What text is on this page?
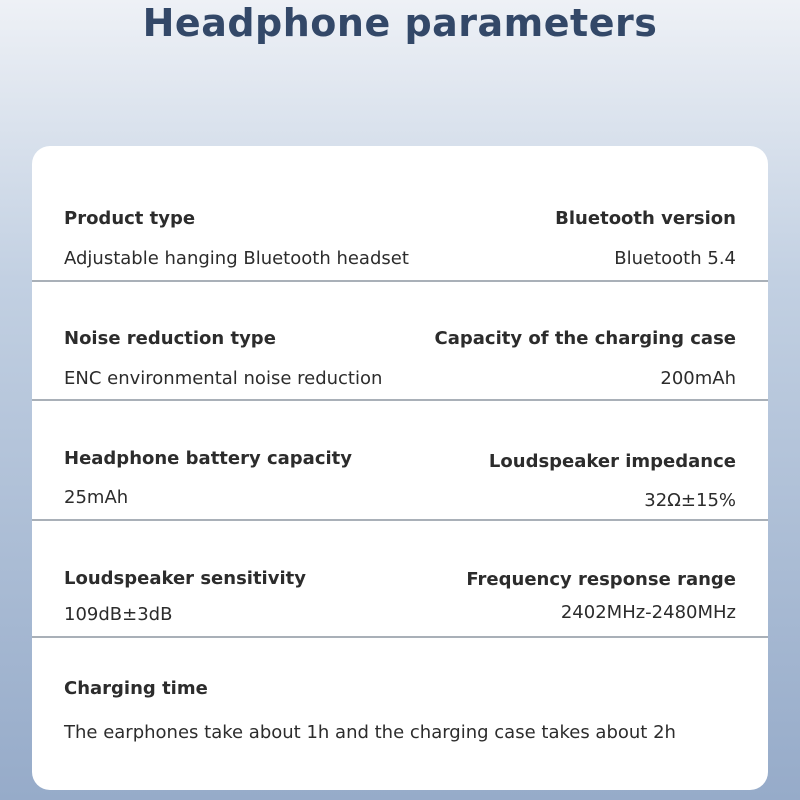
Headphone parameters
Product type
Adjustable hanging Bluetooth headset
Bluetooth version
Bluetooth 5.4
Noise reduction type
ENC environmental noise reduction
Capacity of the charging case
200mAh
Headphone battery capacity
25mAh
Loudspeaker impedance
32Ω±15%
Loudspeaker sensitivity
109dB±3dB
Frequency response range
2402MHz-2480MHz
Charging time
The earphones take about 1h and the charging case takes about 2h
